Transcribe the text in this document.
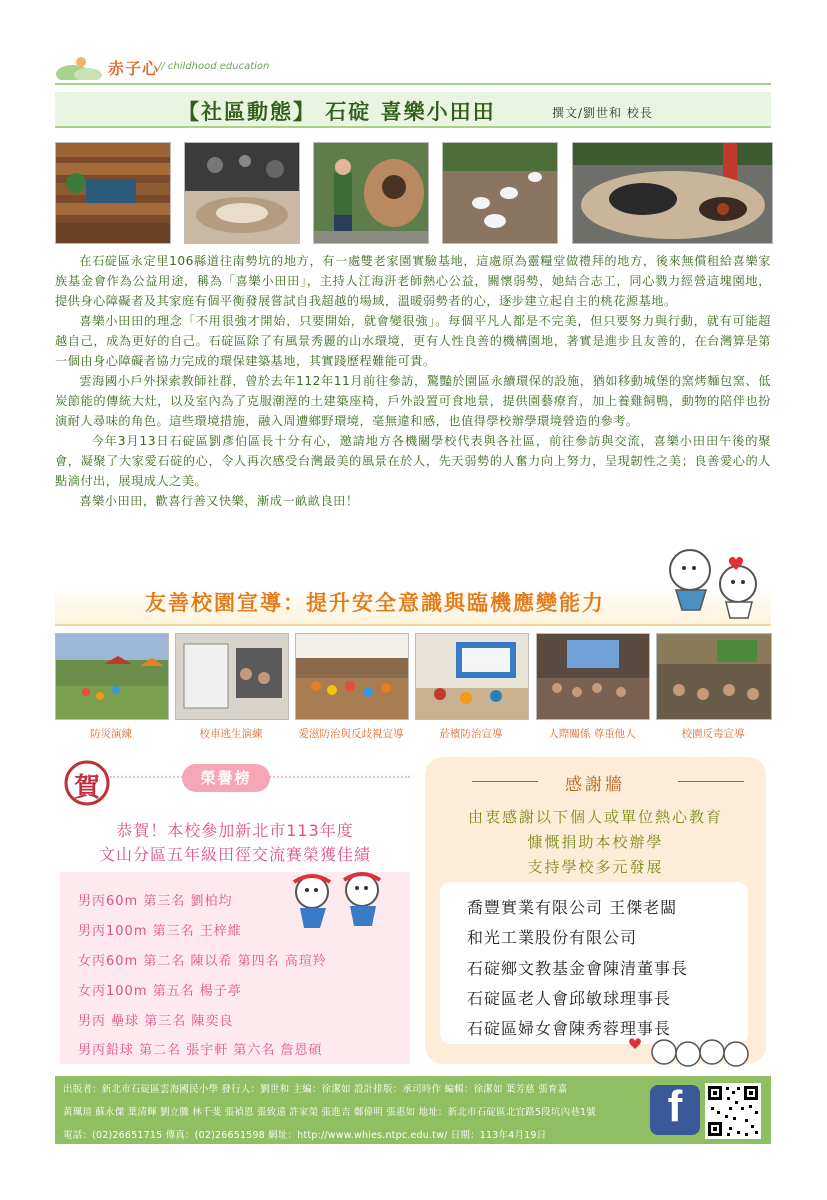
赤子心
// childhood education
【社區動態】 石碇 喜樂小田田	撰文/劉世和 校長

在石碇區永定里106縣道往南勢坑的地方，有一處雙老家園實驗基地，這處原為靈糧堂做禮拜的地方，後來無償租給喜樂家族基金會作為公益用途，稱為「喜樂小田田」，主持人江海汧老師熱心公益，關懷弱勢，她結合志工，同心戮力經營這塊園地，提供身心障礙者及其家庭有個平衡發展嘗試自我超越的場域，溫暖弱勢者的心，逐步建立起自主的桃花源基地。

喜樂小田田的理念「不用很強才開始，只要開始，就會變很強」。每個平凡人都是不完美，但只要努力與行動，就有可能超越自己，成為更好的自己。石碇區除了有風景秀麗的山水環境，更有人性良善的機構園地，著實是進步且友善的，在台灣算是第一個由身心障礙者協力完成的環保建築基地，其實踐歷程難能可貴。

雲海國小戶外探索教師社群，曾於去年112年11月前往參訪，驚豔於園區永續環保的設施，猶如移動城堡的窯烤麵包窯、低炭節能的傳統大灶，以及室內為了克服潮溼的土建築座椅，戶外設置可食地景，提供園藝療育，加上養雞飼鴨，動物的陪伴也扮演耐人尋味的角色。這些環境措施，融入周遭鄉野環境，毫無違和感，也值得學校辦學環境營造的參考。

今年3月13日石碇區劉彥伯區長十分有心，邀請地方各機關學校代表與各社區，前往參訪與交流，喜樂小田田午後的聚會，凝聚了大家愛石碇的心，令人再次感受台灣最美的風景在於人，先天弱勢的人奮力向上努力，呈現韌性之美；良善愛心的人點滴付出，展現成人之美。

喜樂小田田，歡喜行善又快樂，漸成一畝畝良田！

友善校園宣導：提升安全意識與臨機應變能力
防災演練	校車逃生演練	愛滋防治與反歧視宣導	菸檳防治宣導	人際關係 尊重他人	校園反毒宣導
賀	榮譽榜
恭賀！本校參加新北市113年度
文山分區五年級田徑交流賽榮獲佳績
男丙60m 第三名 劉柏均
男丙100m 第三名 王梓維
女丙60m 第二名 陳以希 第四名 高瑄羚
女丙100m 第五名 楊子葶
男丙 壘球 第三名 陳奕良
男丙鉛球 第二名 張宇軒 第六名 詹恩碩
感謝牆
由衷感謝以下個人或單位熱心教育
慷慨捐助本校辦學
支持學校多元發展
喬豐實業有限公司 王傑老闆
和光工業股份有限公司
石碇鄉文教基金會陳清董事長
石碇區老人會邱敏球理事長
石碇區婦女會陳秀蓉理事長
出版者：新北市石碇區雲海國民小學 發行人：劉世和 主編：徐潔如 設計排版：承司時作 編輯：徐潔如 葉芳慈 張育嘉
黃珮瑄 蘇永傑 葉清輝 劉立騰 林千斐 張禎恩 張致遠 許家榮 張進吉 鄭偉明 張惠如 地址：新北市石碇區北宜路5段坑內巷1號
電話：(02)26651715 傳真：(02)26651598 網址：http://www.whies.ntpc.edu.tw/ 日期：113年4月19日
f
